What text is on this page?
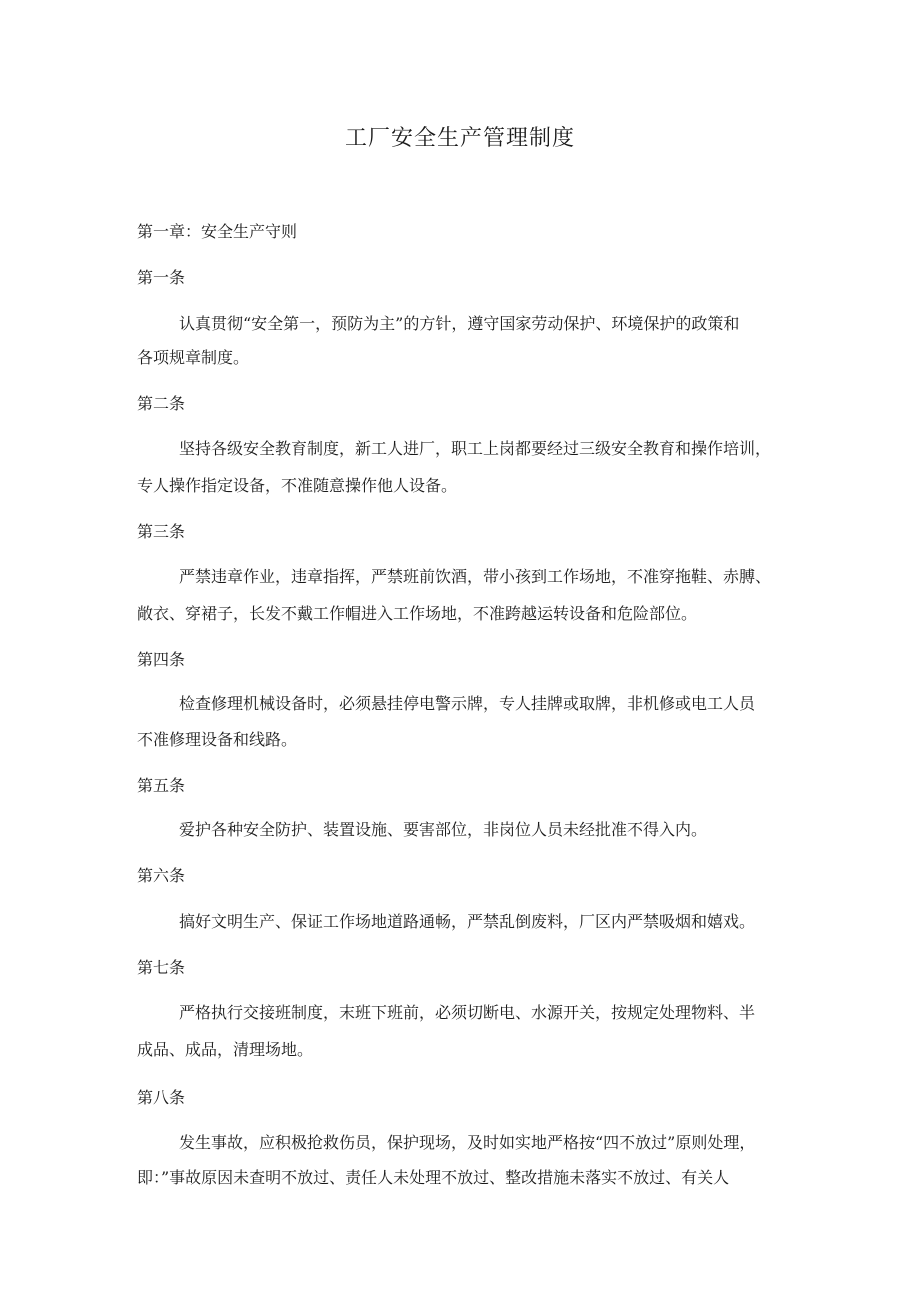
工厂安全生产管理制度

第一章：安全生产守则

第一条

认真贯彻“安全第一，预防为主”的方针，遵守国家劳动保护、环境保护的政策和

各项规章制度。

第二条

坚持各级安全教育制度，新工人进厂，职工上岗都要经过三级安全教育和操作培训，

专人操作指定设备，不准随意操作他人设备。

第三条

严禁违章作业，违章指挥，严禁班前饮酒，带小孩到工作场地，不准穿拖鞋、赤膊、

敞衣、穿裙子，长发不戴工作帽进入工作场地，不准跨越运转设备和危险部位。

第四条

检查修理机械设备时，必须悬挂停电警示牌，专人挂牌或取牌，非机修或电工人员

不准修理设备和线路。

第五条

爱护各种安全防护、装置设施、要害部位，非岗位人员未经批准不得入内。

第六条

搞好文明生产、保证工作场地道路通畅，严禁乱倒废料，厂区内严禁吸烟和嬉戏。

第七条

严格执行交接班制度，末班下班前，必须切断电、水源开关，按规定处理物料、半

成品、成品，清理场地。

第八条

发生事故，应积极抢救伤员，保护现场，及时如实地严格按“四不放过”原则处理，

即：”事故原因未查明不放过、责任人未处理不放过、整改措施未落实不放过、有关人
